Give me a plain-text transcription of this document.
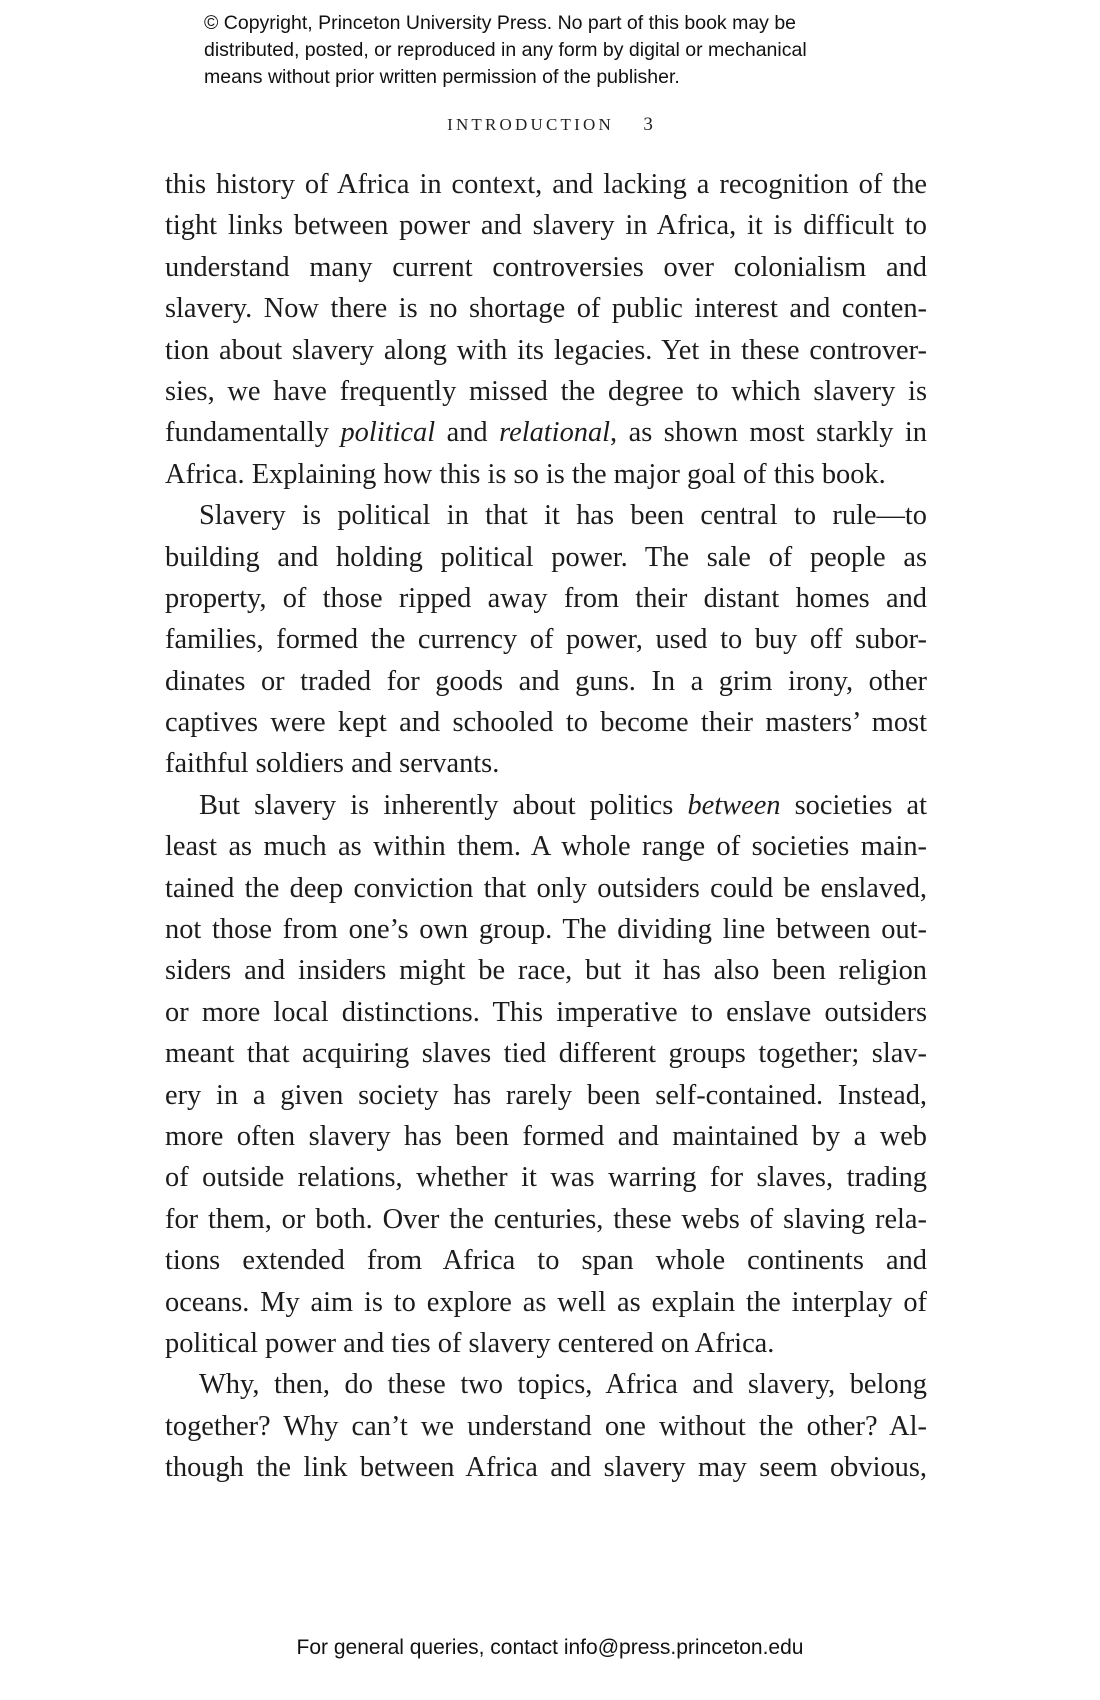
© Copyright, Princeton University Press. No part of this book may be
distributed, posted, or reproduced in any form by digital or mechanical
means without prior written permission of the publisher.
INTRODUCTION 3
this history of Africa in context, and lacking a recognition of the
tight links between power and slavery in Africa, it is difficult to
understand many current controversies over colonialism and
slavery. Now there is no shortage of public interest and conten-
tion about slavery along with its legacies. Yet in these controver-
sies, we have frequently missed the degree to which slavery is
fundamentally political and relational, as shown most starkly in
Africa. Explaining how this is so is the major goal of this book.
Slavery is political in that it has been central to rule—to
building and holding political power. The sale of people as
property, of those ripped away from their distant homes and
families, formed the currency of power, used to buy off subor-
dinates or traded for goods and guns. In a grim irony, other
captives were kept and schooled to become their masters’ most
faithful soldiers and servants.
But slavery is inherently about politics between societies at
least as much as within them. A whole range of societies main-
tained the deep conviction that only outsiders could be enslaved,
not those from one’s own group. The dividing line between out-
siders and insiders might be race, but it has also been religion
or more local distinctions. This imperative to enslave outsiders
meant that acquiring slaves tied different groups together; slav-
ery in a given society has rarely been self-contained. Instead,
more often slavery has been formed and maintained by a web
of outside relations, whether it was warring for slaves, trading
for them, or both. Over the centuries, these webs of slaving rela-
tions extended from Africa to span whole continents and
oceans. My aim is to explore as well as explain the interplay of
political power and ties of slavery centered on Africa.
Why, then, do these two topics, Africa and slavery, belong
together? Why can’t we understand one without the other? Al-
though the link between Africa and slavery may seem obvious,
For general queries, contact info@press.princeton.edu
